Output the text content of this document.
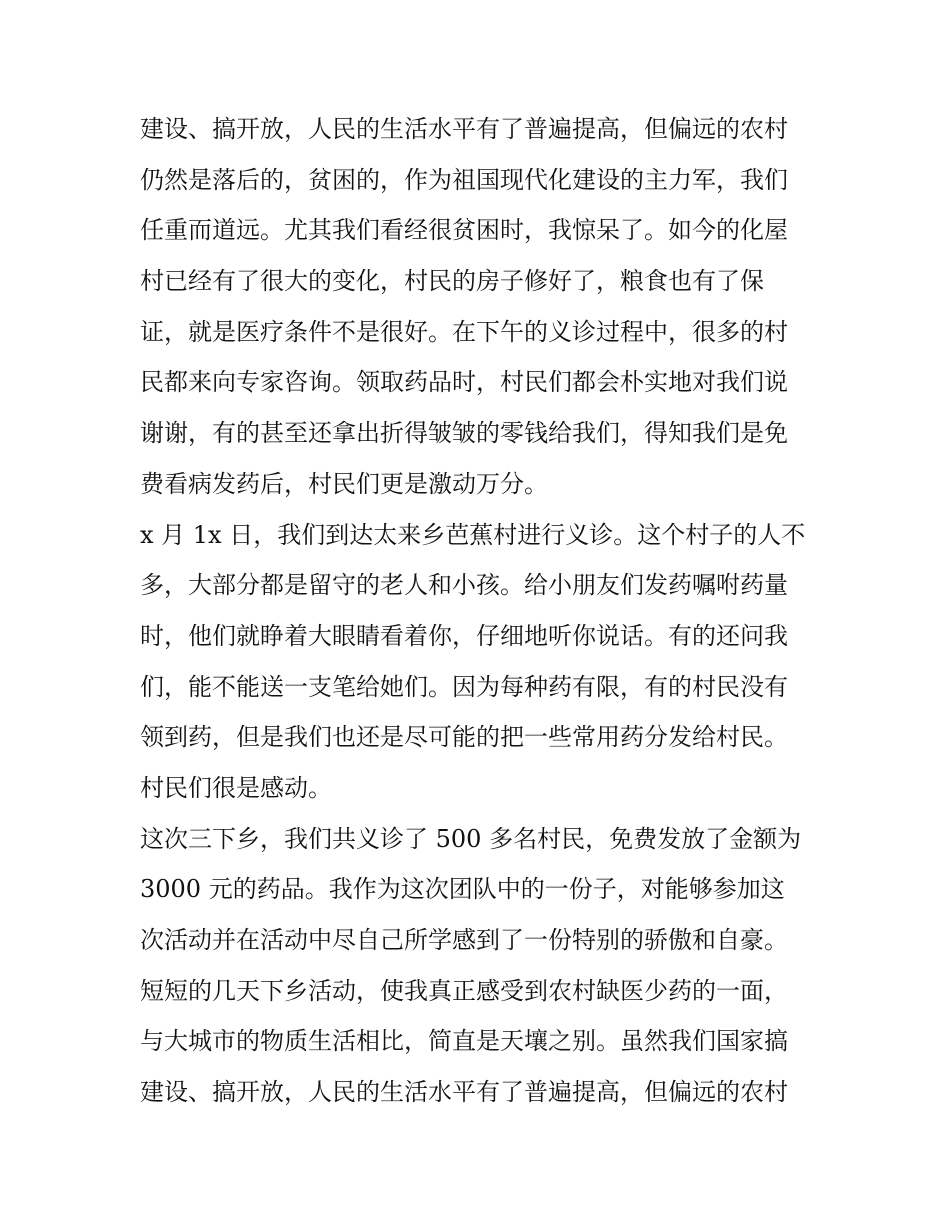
建设、搞开放，人民的生活水平有了普遍提高，但偏远的农村
仍然是落后的，贫困的，作为祖国现代化建设的主力军，我们
任重而道远。尤其我们看经很贫困时，我惊呆了。如今的化屋
村已经有了很大的变化，村民的房子修好了，粮食也有了保
证，就是医疗条件不是很好。在下午的义诊过程中，很多的村
民都来向专家咨询。领取药品时，村民们都会朴实地对我们说
谢谢，有的甚至还拿出折得皱皱的零钱给我们，得知我们是免
费看病发药后，村民们更是激动万分。
x 月 1x 日，我们到达太来乡芭蕉村进行义诊。这个村子的人不
多，大部分都是留守的老人和小孩。给小朋友们发药嘱咐药量
时，他们就睁着大眼睛看着你，仔细地听你说话。有的还问我
们，能不能送一支笔给她们。因为每种药有限，有的村民没有
领到药，但是我们也还是尽可能的把一些常用药分发给村民。
村民们很是感动。
这次三下乡，我们共义诊了 500 多名村民，免费发放了金额为
3000 元的药品。我作为这次团队中的一份子，对能够参加这
次活动并在活动中尽自己所学感到了一份特别的骄傲和自豪。
短短的几天下乡活动，使我真正感受到农村缺医少药的一面，
与大城市的物质生活相比，简直是天壤之别。虽然我们国家搞
建设、搞开放，人民的生活水平有了普遍提高，但偏远的农村
